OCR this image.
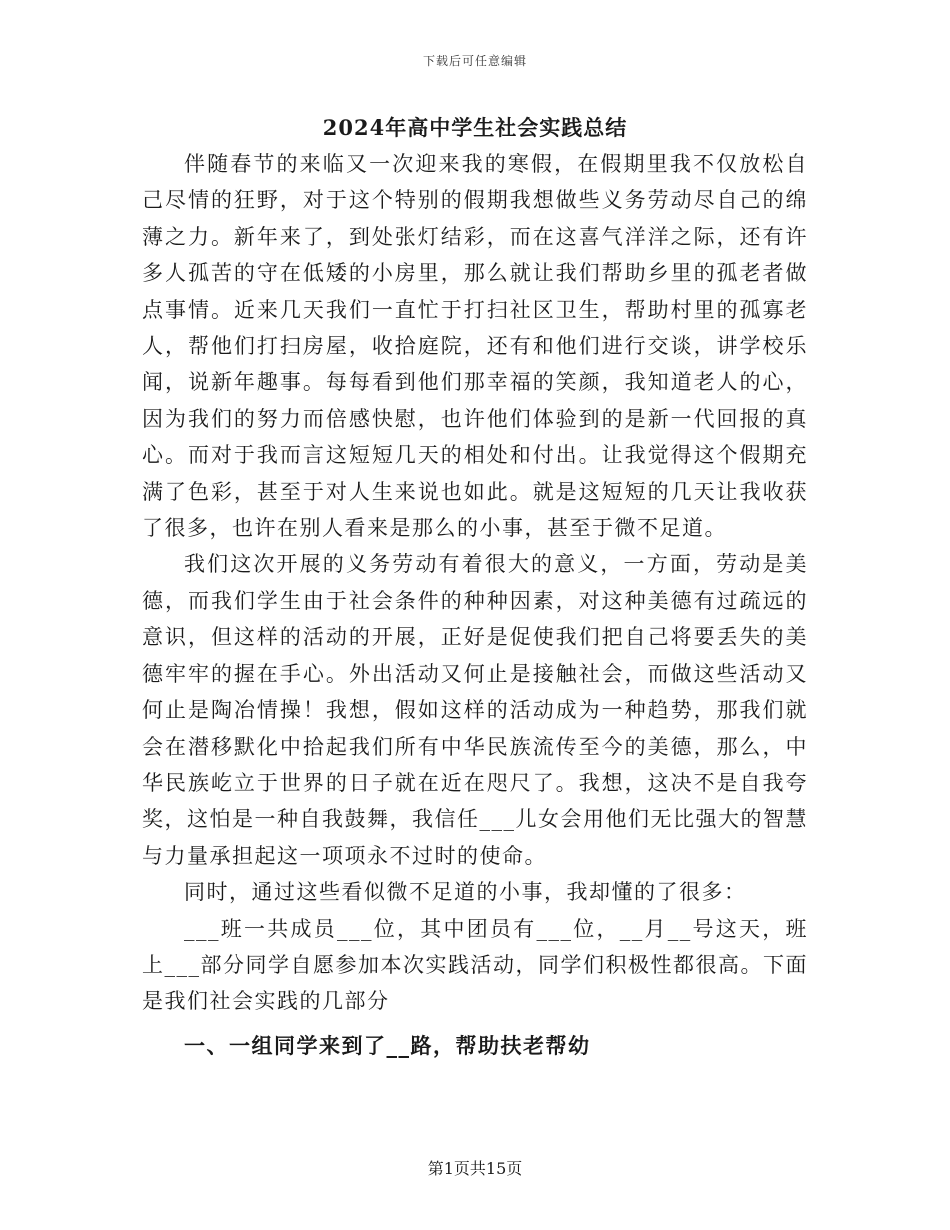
下载后可任意编辑
2024年高中学生社会实践总结

伴随春节的来临又一次迎来我的寒假，在假期里我不仅放松自己尽情的狂野，对于这个特别的假期我想做些义务劳动尽自己的绵薄之力。新年来了，到处张灯结彩，而在这喜气洋洋之际，还有许多人孤苦的守在低矮的小房里，那么就让我们帮助乡里的孤老者做点事情。近来几天我们一直忙于打扫社区卫生，帮助村里的孤寡老人，帮他们打扫房屋，收拾庭院，还有和他们进行交谈，讲学校乐闻，说新年趣事。每每看到他们那幸福的笑颜，我知道老人的心，因为我们的努力而倍感快慰，也许他们体验到的是新一代回报的真心。而对于我而言这短短几天的相处和付出。让我觉得这个假期充满了色彩，甚至于对人生来说也如此。就是这短短的几天让我收获了很多，也许在别人看来是那么的小事，甚至于微不足道。

我们这次开展的义务劳动有着很大的意义，一方面，劳动是美德，而我们学生由于社会条件的种种因素，对这种美德有过疏远的意识，但这样的活动的开展，正好是促使我们把自己将要丢失的美德牢牢的握在手心。外出活动又何止是接触社会，而做这些活动又何止是陶冶情操！我想，假如这样的活动成为一种趋势，那我们就会在潜移默化中拾起我们所有中华民族流传至今的美德，那么，中华民族屹立于世界的日子就在近在咫尺了。我想，这决不是自我夸奖，这怕是一种自我鼓舞，我信任___儿女会用他们无比强大的智慧与力量承担起这一项项永不过时的使命。

同时，通过这些看似微不足道的小事，我却懂的了很多：

___班一共成员___位，其中团员有___位，__月__号这天，班上___部分同学自愿参加本次实践活动，同学们积极性都很高。下面是我们社会实践的几部分

一、一组同学来到了__路，帮助扶老帮幼

第1页共15页
